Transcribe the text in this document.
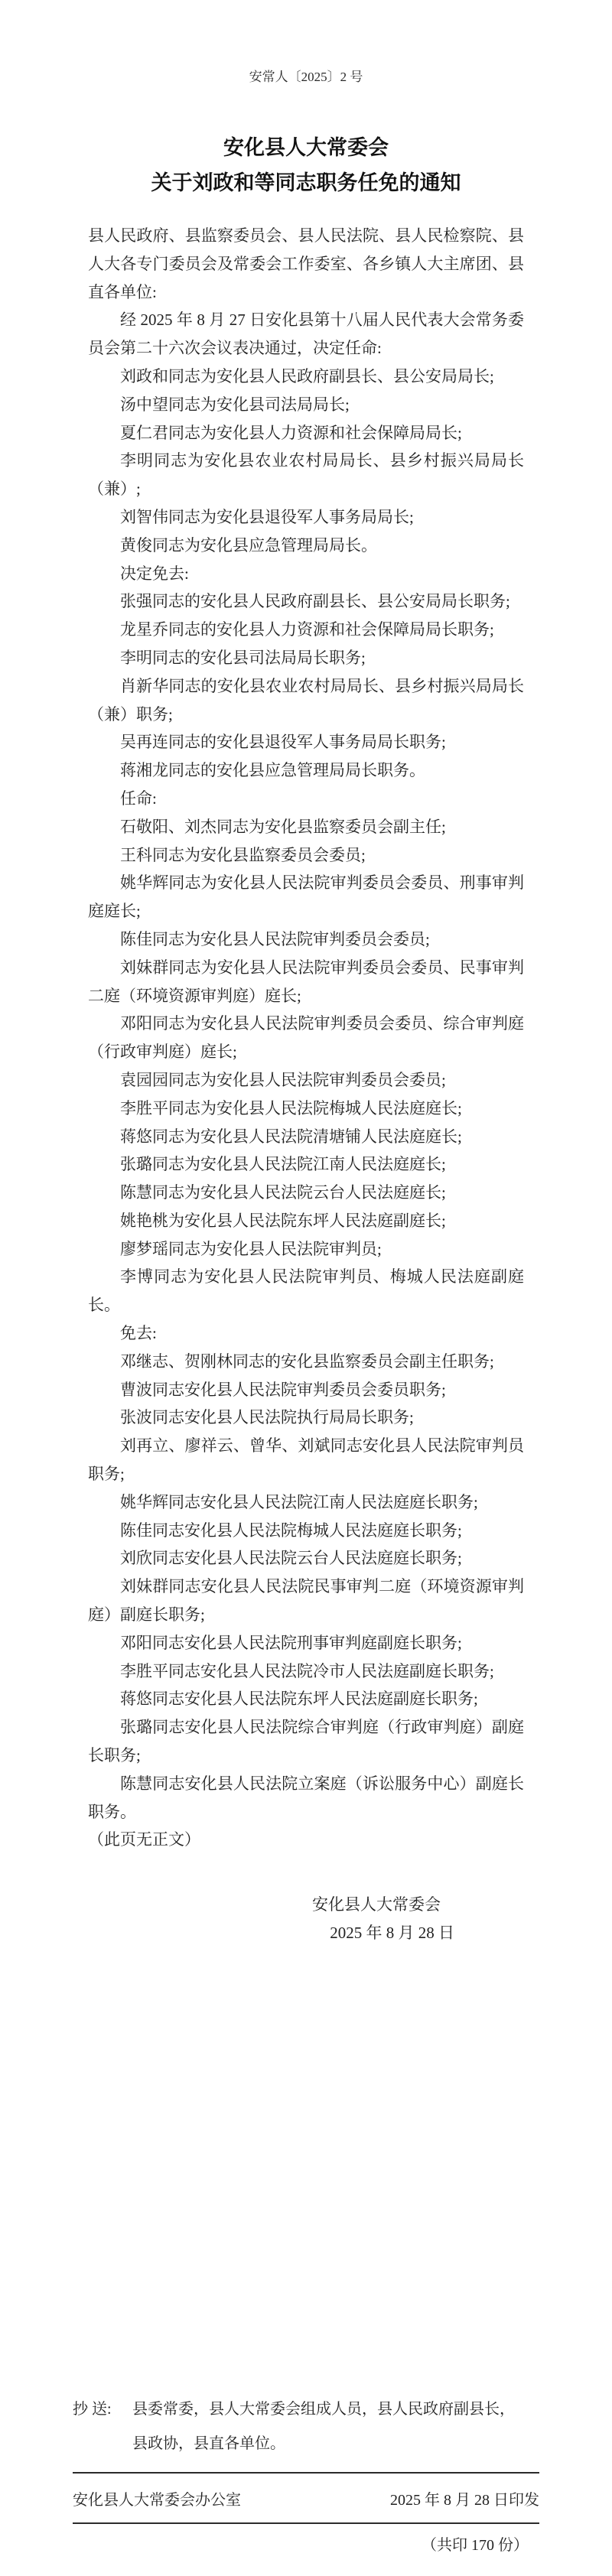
安常人〔2025〕2 号
安化县人大常委会
关于刘政和等同志职务任免的通知

县人民政府、县监察委员会、县人民法院、县人民检察院、县人大各专门委员会及常委会工作委室、各乡镇人大主席团、县直各单位:

经 2025 年 8 月 27 日安化县第十八届人民代表大会常务委员会第二十六次会议表决通过，决定任命:

刘政和同志为安化县人民政府副县长、县公安局局长;

汤中望同志为安化县司法局局长;

夏仁君同志为安化县人力资源和社会保障局局长;

李明同志为安化县农业农村局局长、县乡村振兴局局长（兼）;

刘智伟同志为安化县退役军人事务局局长;

黄俊同志为安化县应急管理局局长。

决定免去:

张强同志的安化县人民政府副县长、县公安局局长职务;

龙星乔同志的安化县人力资源和社会保障局局长职务;

李明同志的安化县司法局局长职务;

肖新华同志的安化县农业农村局局长、县乡村振兴局局长（兼）职务;

吴再连同志的安化县退役军人事务局局长职务;

蒋湘龙同志的安化县应急管理局局长职务。

任命:

石敬阳、刘杰同志为安化县监察委员会副主任;

王科同志为安化县监察委员会委员;

姚华辉同志为安化县人民法院审判委员会委员、刑事审判庭庭长;

陈佳同志为安化县人民法院审判委员会委员;

刘妹群同志为安化县人民法院审判委员会委员、民事审判二庭（环境资源审判庭）庭长;

邓阳同志为安化县人民法院审判委员会委员、综合审判庭（行政审判庭）庭长;

袁园园同志为安化县人民法院审判委员会委员;

李胜平同志为安化县人民法院梅城人民法庭庭长;

蒋悠同志为安化县人民法院清塘铺人民法庭庭长;

张璐同志为安化县人民法院江南人民法庭庭长;

陈慧同志为安化县人民法院云台人民法庭庭长;

姚艳桃为安化县人民法院东坪人民法庭副庭长;

廖梦瑶同志为安化县人民法院审判员;

李博同志为安化县人民法院审判员、梅城人民法庭副庭长。

免去:

邓继志、贺刚林同志的安化县监察委员会副主任职务;

曹波同志安化县人民法院审判委员会委员职务;

张波同志安化县人民法院执行局局长职务;

刘再立、廖祥云、曾华、刘斌同志安化县人民法院审判员职务;

姚华辉同志安化县人民法院江南人民法庭庭长职务;

陈佳同志安化县人民法院梅城人民法庭庭长职务;

刘欣同志安化县人民法院云台人民法庭庭长职务;

刘妹群同志安化县人民法院民事审判二庭（环境资源审判庭）副庭长职务;

邓阳同志安化县人民法院刑事审判庭副庭长职务;

李胜平同志安化县人民法院冷市人民法庭副庭长职务;

蒋悠同志安化县人民法院东坪人民法庭副庭长职务;

张璐同志安化县人民法院综合审判庭（行政审判庭）副庭长职务;

陈慧同志安化县人民法院立案庭（诉讼服务中心）副庭长职务。

（此页无正文）

安化县人大常委会
2025 年 8 月 28 日
抄 送:	县委常委，县人大常委会组成人员，县人民政府副县长，
县政协，县直各单位。
安化县人大常委会办公室	2025 年 8 月 28 日印发
（共印 170 份）
